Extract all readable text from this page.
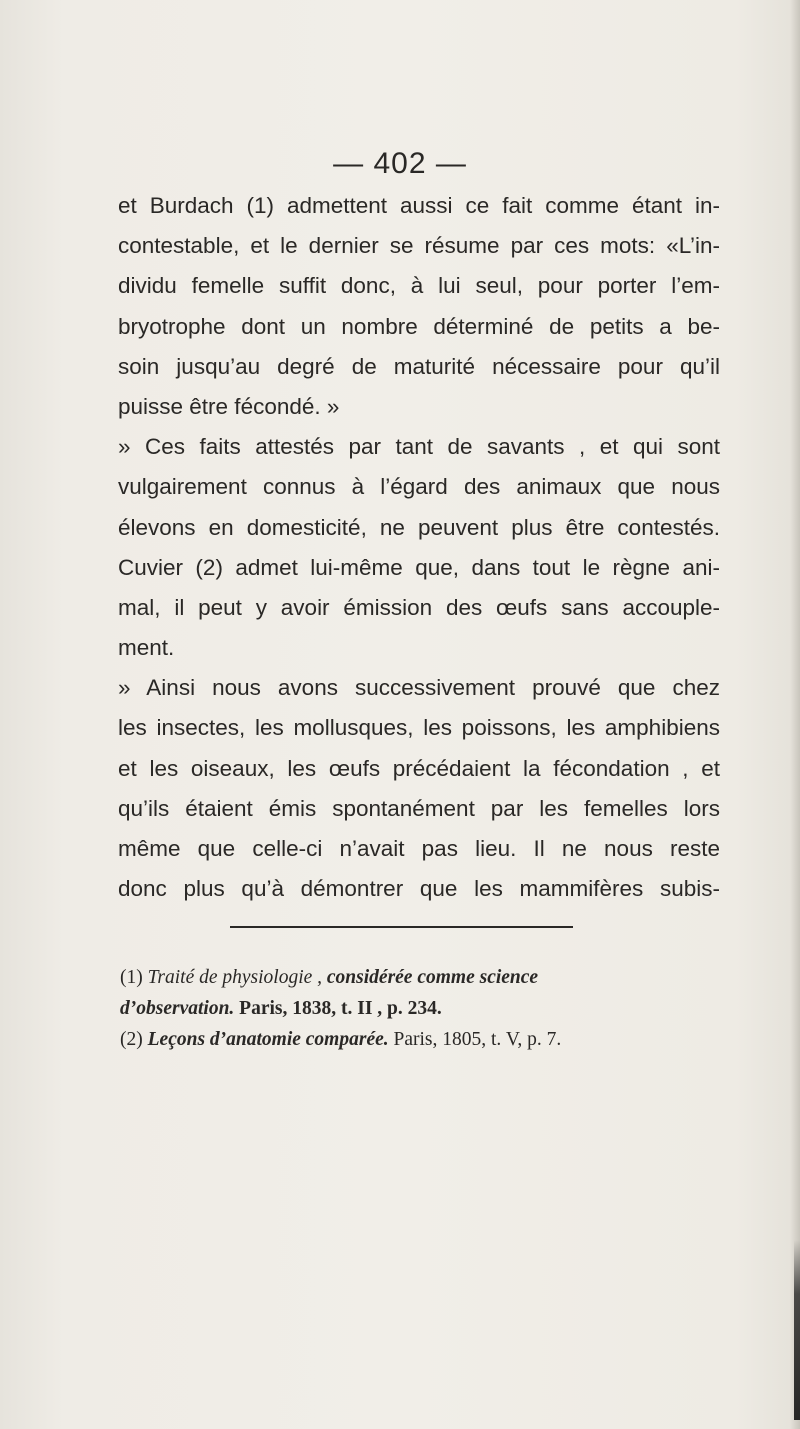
— 402 —
et Burdach (1) admettent aussi ce fait comme étant in-
contestable, et le dernier se résume par ces mots: «L’in-
dividu femelle suffit donc, à lui seul, pour porter l’em-
bryotrophe dont un nombre déterminé de petits a be-
soin jusqu’au degré de maturité nécessaire pour qu’il
puisse être fécondé. »
» Ces faits attestés par tant de savants , et qui sont
vulgairement connus à l’égard des animaux que nous
élevons en domesticité, ne peuvent plus être contestés.
Cuvier (2) admet lui-même que, dans tout le règne ani-
mal, il peut y avoir émission des œufs sans accouple-
ment.
» Ainsi nous avons successivement prouvé que chez
les insectes, les mollusques, les poissons, les amphibiens
et les oiseaux, les œufs précédaient la fécondation , et
qu’ils étaient émis spontanément par les femelles lors
même que celle-ci n’avait pas lieu. Il ne nous reste
donc plus qu’à démontrer que les mammifères subis-
(1) Traité de physiologie , considérée comme science
d’observation. Paris, 1838, t. II , p. 234.
(2) Leçons d’anatomie comparée. Paris, 1805, t. V, p. 7.
